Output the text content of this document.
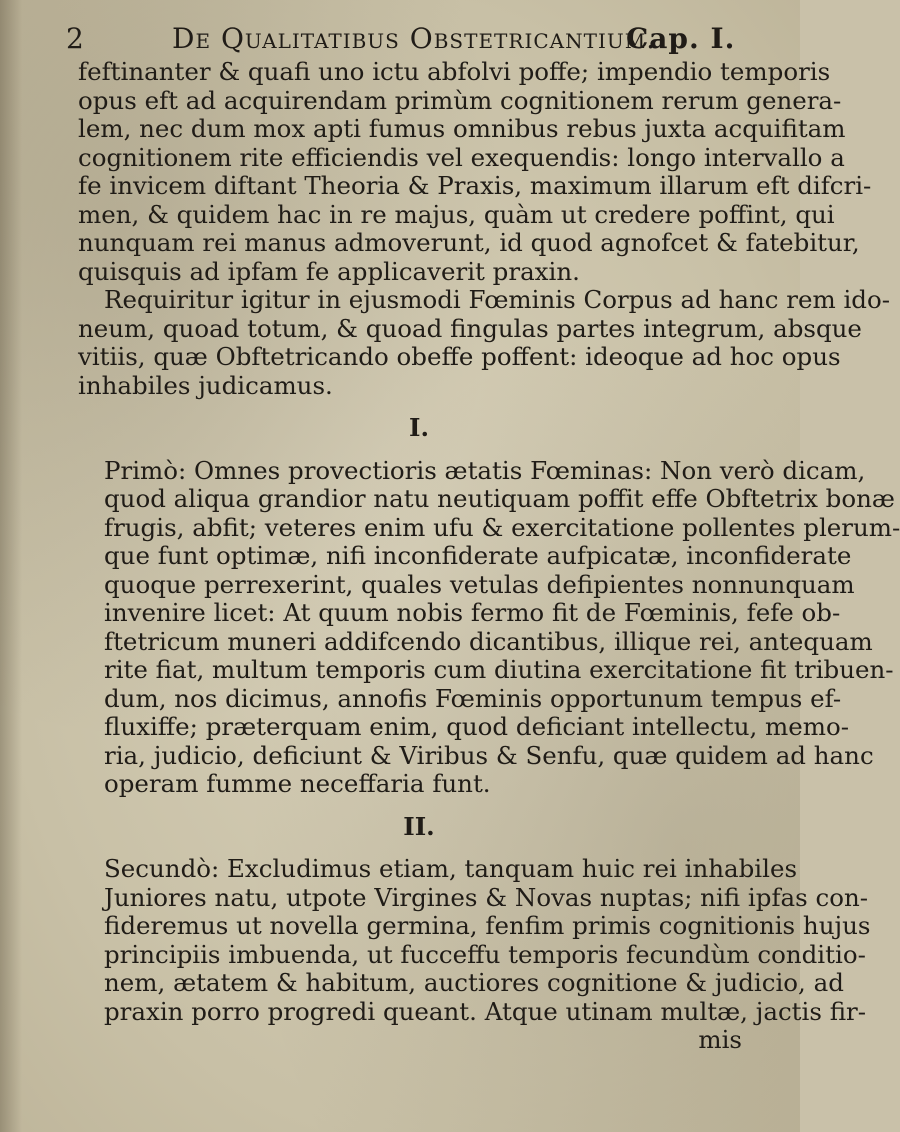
2	De Qualitatibus Obstetricantium.
Cap. I.
feftinanter & quafi uno ictu abfolvi poffe; impendio temporis
opus eft ad acquirendam primùm cognitionem rerum genera-
lem, nec dum mox apti fumus omnibus rebus juxta acquifitam
cognitionem rite efficiendis vel exequendis: longo intervallo a
fe invicem diftant Theoria & Praxis, maximum illarum eft difcri-
men, & quidem hac in re majus, quàm ut credere poffint, qui
nunquam rei manus admoverunt, id quod agnofcet & fatebitur,
quisquis ad ipfam fe applicaverit praxin.
Requiritur igitur in ejusmodi Fœminis Corpus ad hanc rem ido-
neum, quoad totum, & quoad fingulas partes integrum, absque
vitiis, quæ Obftetricando obeffe poffent: ideoque ad hoc opus
inhabiles judicamus.
I.
Primò: Omnes provectioris ætatis Fœminas: Non verò dicam,
quod aliqua grandior natu neutiquam poffit effe Obftetrix bonæ
frugis, abfit; veteres enim ufu & exercitatione pollentes plerum-
que funt optimæ, nifi inconfiderate aufpicatæ, inconfiderate
quoque perrexerint, quales vetulas defipientes nonnunquam
invenire licet: At quum nobis fermo fit de Fœminis, fefe ob-
ftetricum muneri addifcendo dicantibus, illique rei, antequam
rite fiat, multum temporis cum diutina exercitatione fit tribuen-
dum, nos dicimus, annofis Fœminis opportunum tempus ef-
fluxiffe; præterquam enim, quod deficiant intellectu, memo-
ria, judicio, deficiunt & Viribus & Senfu, quæ quidem ad hanc
operam fumme neceffaria funt.
II.
Secundò: Excludimus etiam, tanquam huic rei inhabiles
Juniores natu, utpote Virgines & Novas nuptas; nifi ipfas con-
fideremus ut novella germina, fenfim primis cognitionis hujus
principiis imbuenda, ut fucceffu temporis fecundùm conditio-
nem, ætatem & habitum, auctiores cognitione & judicio, ad
praxin porro progredi queant. Atque utinam multæ, jactis fir-
mis
